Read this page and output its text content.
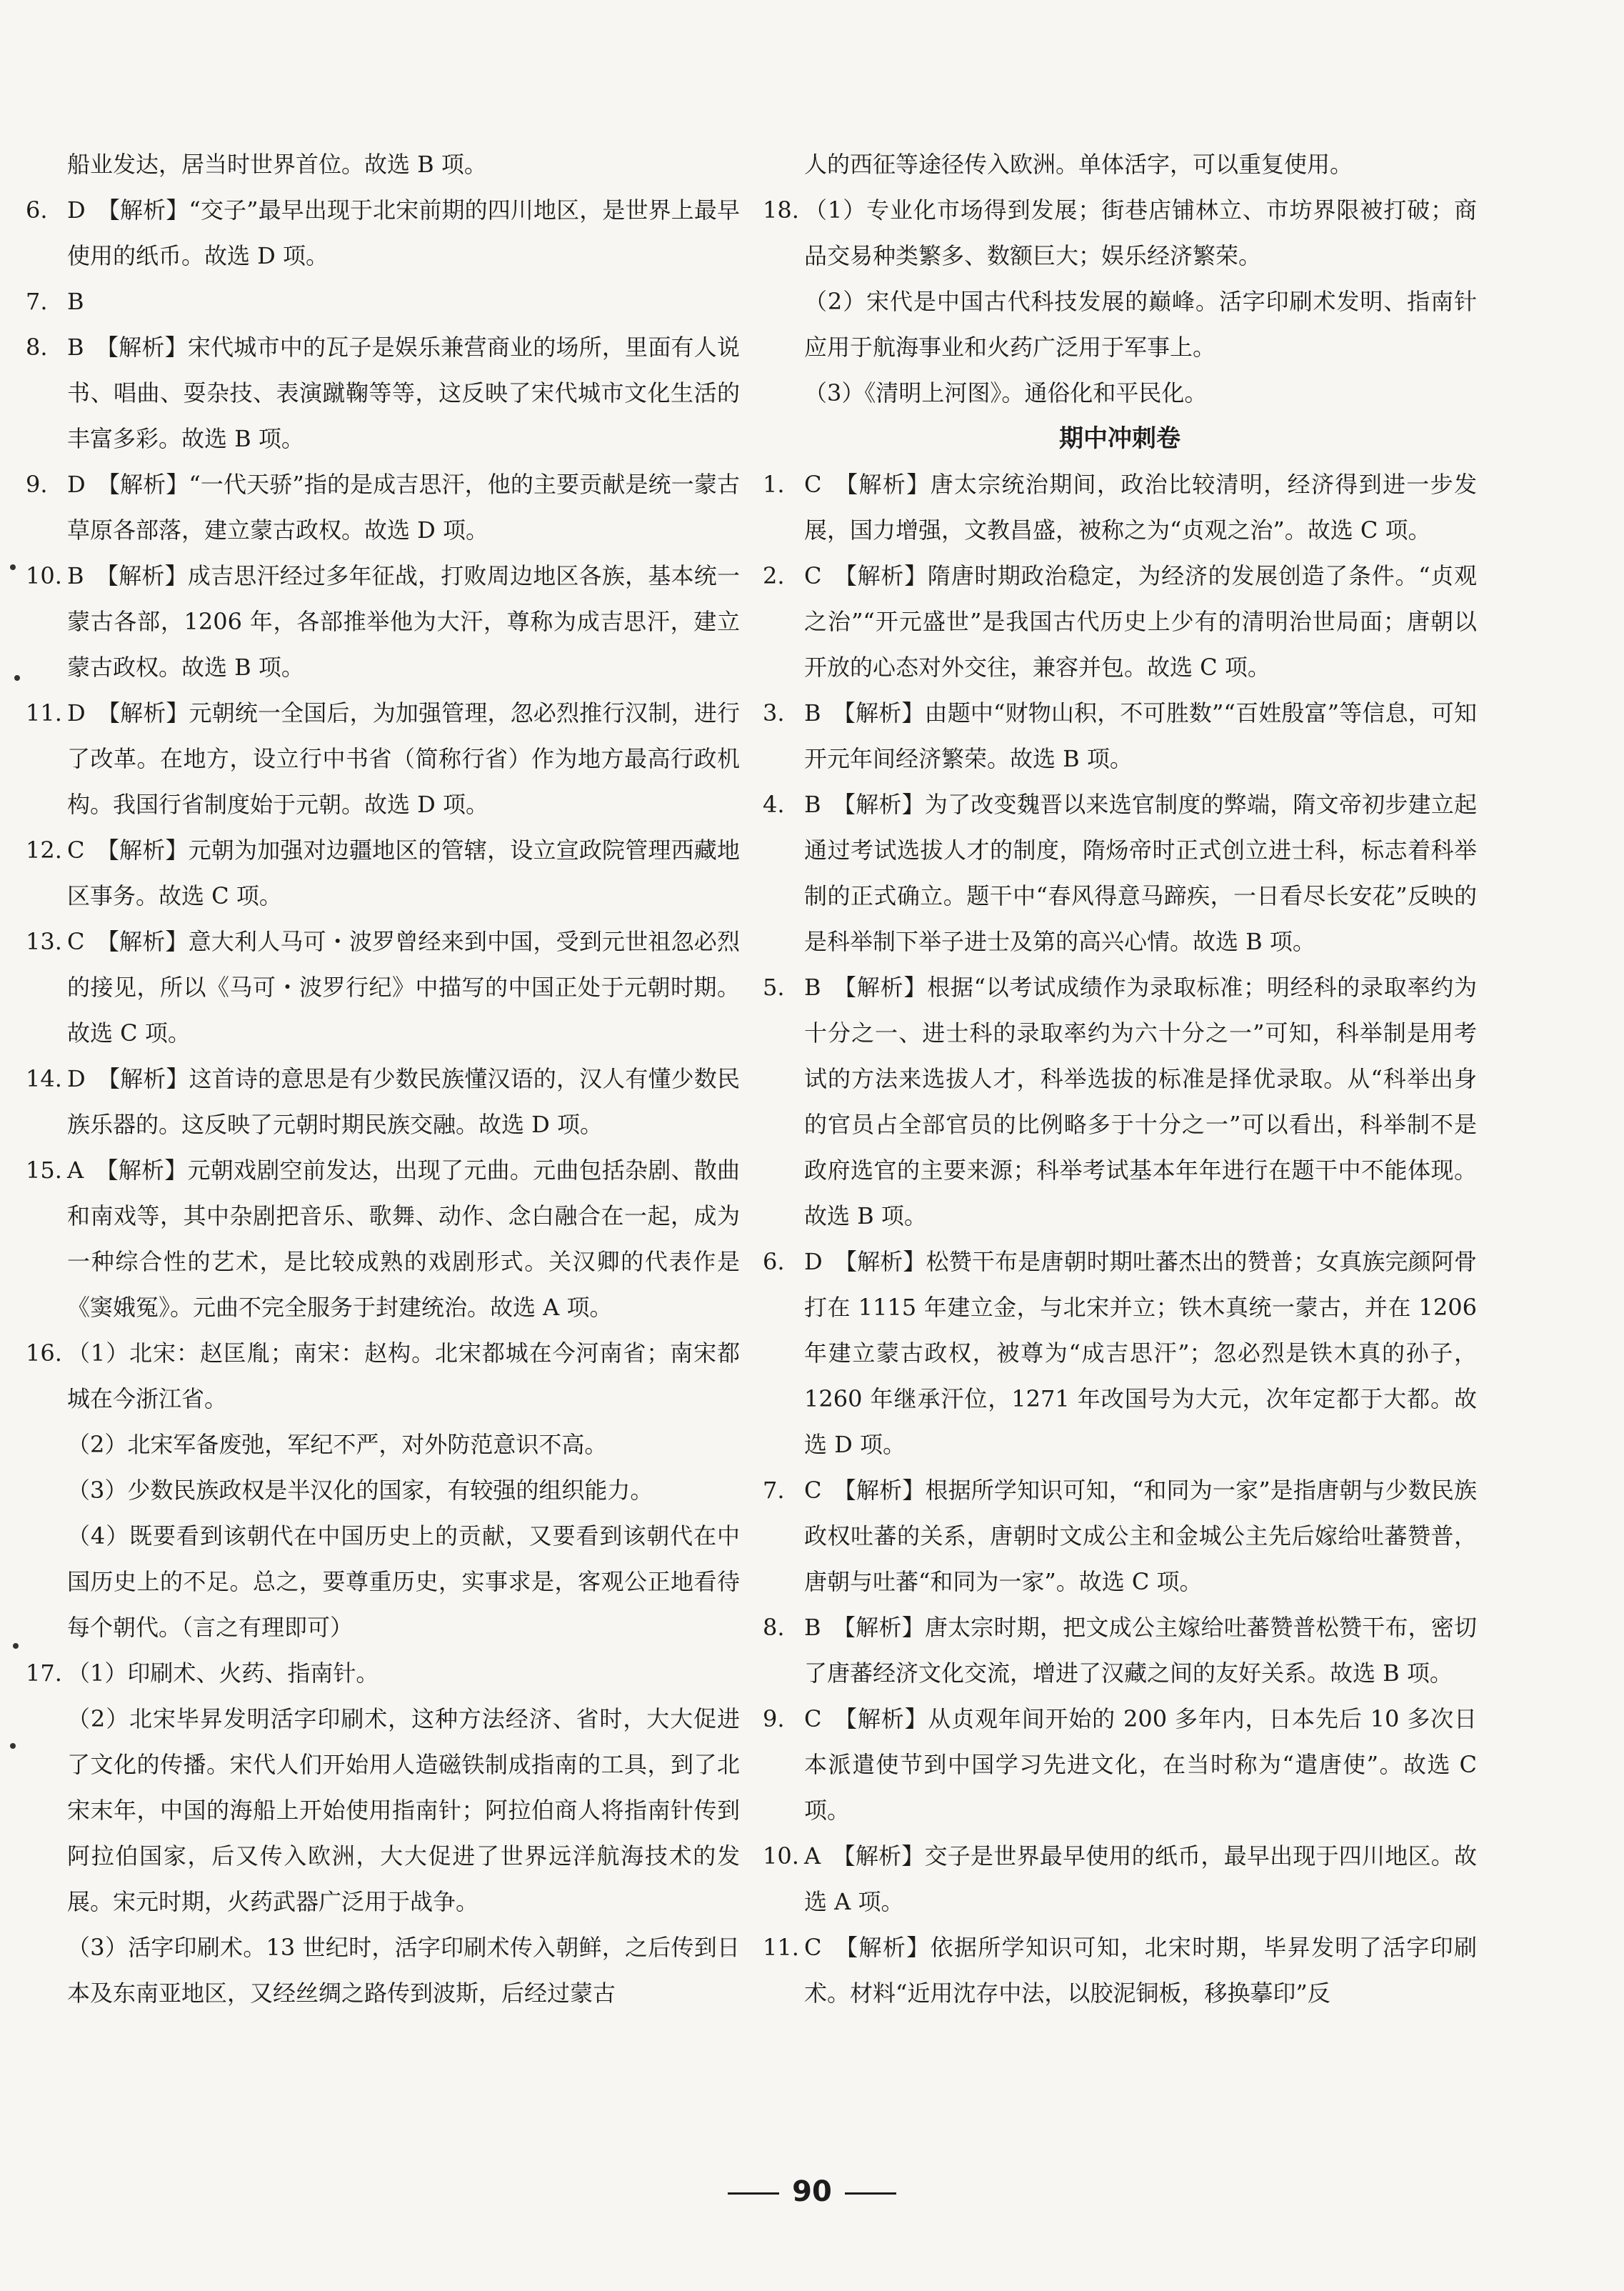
船业发达，居当时世界首位。故选 B 项。
6. D　【解析】“交子”最早出现于北宋前期的四川地区，是世界上最早使用的纸币。故选 D 项。
7. B
8. B　【解析】宋代城市中的瓦子是娱乐兼营商业的场所，里面有人说书、唱曲、耍杂技、表演蹴鞠等等，这反映了宋代城市文化生活的丰富多彩。故选 B 项。
9. D　【解析】“一代天骄”指的是成吉思汗，他的主要贡献是统一蒙古草原各部落，建立蒙古政权。故选 D 项。
10. B　【解析】成吉思汗经过多年征战，打败周边地区各族，基本统一蒙古各部，1206 年，各部推举他为大汗，尊称为成吉思汗，建立蒙古政权。故选 B 项。
11. D　【解析】元朝统一全国后，为加强管理，忽必烈推行汉制，进行了改革。在地方，设立行中书省（简称行省）作为地方最高行政机构。我国行省制度始于元朝。故选 D 项。
12. C　【解析】元朝为加强对边疆地区的管辖，设立宣政院管理西藏地区事务。故选 C 项。
13. C　【解析】意大利人马可・波罗曾经来到中国，受到元世祖忽必烈的接见，所以《马可・波罗行纪》中描写的中国正处于元朝时期。故选 C 项。
14. D　【解析】这首诗的意思是有少数民族懂汉语的，汉人有懂少数民族乐器的。这反映了元朝时期民族交融。故选 D 项。
15. A　【解析】元朝戏剧空前发达，出现了元曲。元曲包括杂剧、散曲和南戏等，其中杂剧把音乐、歌舞、动作、念白融合在一起，成为一种综合性的艺术，是比较成熟的戏剧形式。关汉卿的代表作是《窦娥冤》。元曲不完全服务于封建统治。故选 A 项。
16. （1）北宋：赵匡胤；南宋：赵构。北宋都城在今河南省；南宋都城在今浙江省。
（2）北宋军备废弛，军纪不严，对外防范意识不高。
（3）少数民族政权是半汉化的国家，有较强的组织能力。
（4）既要看到该朝代在中国历史上的贡献，又要看到该朝代在中国历史上的不足。总之，要尊重历史，实事求是，客观公正地看待每个朝代。（言之有理即可）
17. （1）印刷术、火药、指南针。
（2）北宋毕昇发明活字印刷术，这种方法经济、省时，大大促进了文化的传播。宋代人们开始用人造磁铁制成指南的工具，到了北宋末年，中国的海船上开始使用指南针；阿拉伯商人将指南针传到阿拉伯国家，后又传入欧洲，大大促进了世界远洋航海技术的发展。宋元时期，火药武器广泛用于战争。
（3）活字印刷术。13 世纪时，活字印刷术传入朝鲜，之后传到日本及东南亚地区，又经丝绸之路传到波斯，后经过蒙古
人的西征等途径传入欧洲。单体活字，可以重复使用。
18. （1）专业化市场得到发展；街巷店铺林立、市坊界限被打破；商品交易种类繁多、数额巨大；娱乐经济繁荣。
（2）宋代是中国古代科技发展的巅峰。活字印刷术发明、指南针应用于航海事业和火药广泛用于军事上。
（3）《清明上河图》。通俗化和平民化。
期中冲刺卷
1. C　【解析】唐太宗统治期间，政治比较清明，经济得到进一步发展，国力增强，文教昌盛，被称之为“贞观之治”。故选 C 项。
2. C　【解析】隋唐时期政治稳定，为经济的发展创造了条件。“贞观之治”“开元盛世”是我国古代历史上少有的清明治世局面；唐朝以开放的心态对外交往，兼容并包。故选 C 项。
3. B　【解析】由题中“财物山积，不可胜数”“百姓殷富”等信息，可知开元年间经济繁荣。故选 B 项。
4. B　【解析】为了改变魏晋以来选官制度的弊端，隋文帝初步建立起通过考试选拔人才的制度，隋炀帝时正式创立进士科，标志着科举制的正式确立。题干中“春风得意马蹄疾，一日看尽长安花”反映的是科举制下举子进士及第的高兴心情。故选 B 项。
5. B　【解析】根据“以考试成绩作为录取标准；明经科的录取率约为十分之一、进士科的录取率约为六十分之一”可知，科举制是用考试的方法来选拔人才，科举选拔的标准是择优录取。从“科举出身的官员占全部官员的比例略多于十分之一”可以看出，科举制不是政府选官的主要来源；科举考试基本年年进行在题干中不能体现。故选 B 项。
6. D　【解析】松赞干布是唐朝时期吐蕃杰出的赞普；女真族完颜阿骨打在 1115 年建立金，与北宋并立；铁木真统一蒙古，并在 1206 年建立蒙古政权，被尊为“成吉思汗”；忽必烈是铁木真的孙子，1260 年继承汗位，1271 年改国号为大元，次年定都于大都。故选 D 项。
7. C　【解析】根据所学知识可知，“和同为一家”是指唐朝与少数民族政权吐蕃的关系，唐朝时文成公主和金城公主先后嫁给吐蕃赞普，唐朝与吐蕃“和同为一家”。故选 C 项。
8. B　【解析】唐太宗时期，把文成公主嫁给吐蕃赞普松赞干布，密切了唐蕃经济文化交流，增进了汉藏之间的友好关系。故选 B 项。
9. C　【解析】从贞观年间开始的 200 多年内，日本先后 10 多次日本派遣使节到中国学习先进文化，在当时称为“遣唐使”。故选 C 项。
10. A　【解析】交子是世界最早使用的纸币，最早出现于四川地区。故选 A 项。
11. C　【解析】依据所学知识可知，北宋时期，毕昇发明了活字印刷术。材料“近用沈存中法，以胶泥铜板，移换摹印”反
90
